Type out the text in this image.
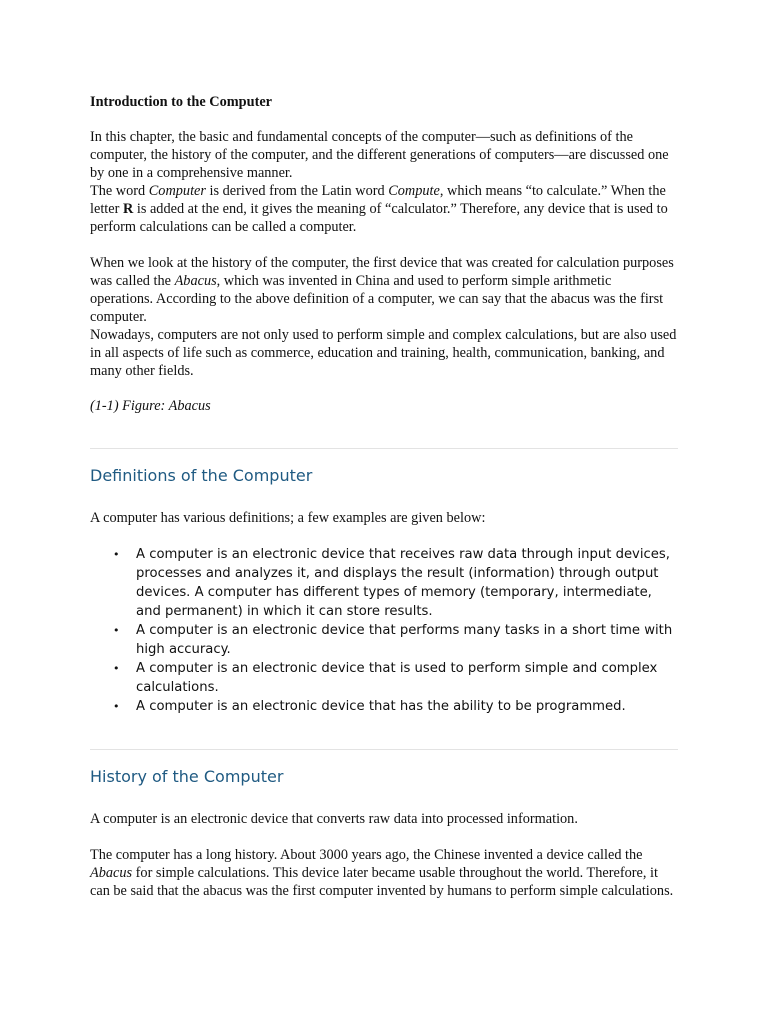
Introduction to the Computer

In this chapter, the basic and fundamental concepts of the computer—such as definitions of the computer, the history of the computer, and the different generations of computers—are discussed one by one in a comprehensive manner.

The word Computer is derived from the Latin word Compute, which means “to calculate.” When the letter R is added at the end, it gives the meaning of “calculator.” Therefore, any device that is used to perform calculations can be called a computer.

When we look at the history of the computer, the first device that was created for calculation purposes was called the Abacus, which was invented in China and used to perform simple arithmetic operations. According to the above definition of a computer, we can say that the abacus was the first computer.

Nowadays, computers are not only used to perform simple and complex calculations, but are also used in all aspects of life such as commerce, education and training, health, communication, banking, and many other fields.

(1-1) Figure: Abacus

Definitions of the Computer

A computer has various definitions; a few examples are given below:

• A computer is an electronic device that receives raw data through input devices, processes and analyzes it, and displays the result (information) through output devices. A computer has different types of memory (temporary, intermediate, and permanent) in which it can store results.
• A computer is an electronic device that performs many tasks in a short time with high accuracy.
• A computer is an electronic device that is used to perform simple and complex calculations.
• A computer is an electronic device that has the ability to be programmed.
History of the Computer

A computer is an electronic device that converts raw data into processed information.

The computer has a long history. About 3000 years ago, the Chinese invented a device called the Abacus for simple calculations. This device later became usable throughout the world. Therefore, it can be said that the abacus was the first computer invented by humans to perform simple calculations.
